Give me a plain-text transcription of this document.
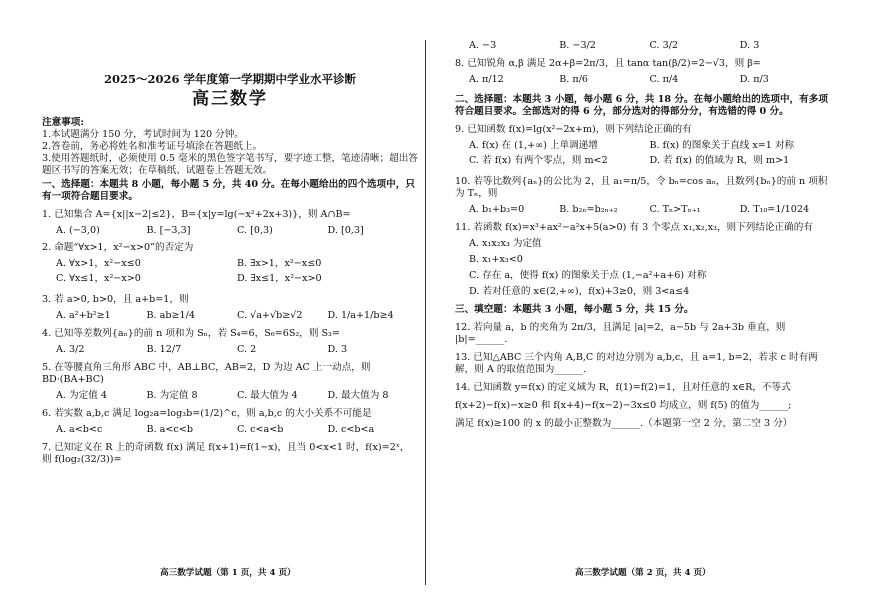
2025～2026 学年度第一学期期中学业水平诊断
高三数学
注意事项:
1.本试题满分 150 分，考试时间为 120 分钟。
2.答卷前，务必将姓名和准考证号填涂在答题纸上。
3.使用答题纸时，必须使用 0.5 毫米的黑色签字笔书写，要字迹工整，笔迹清晰；超出答题区书写的答案无效；在草稿纸、试题卷上答题无效。
一、选择题：本题共 8 小题，每小题 5 分，共 40 分。在每小题给出的四个选项中，只有一项符合题目要求。
1. 已知集合 A={x||x−2|≤2}，B={x|y=lg(−x²+2x+3)}，则 A∩B=
A. (−3,0)	B. [−3,3]	C. [0,3)	D. [0,3]
2. 命题“∀x>1，x²−x>0”的否定为
A. ∀x>1，x²−x≤0	B. ∃x>1，x²−x≤0
C. ∀x≤1，x²−x>0	D. ∃x≤1，x²−x>0
3. 若 a>0, b>0，且 a+b=1，则
A. a²+b²≥1	B. ab≥1/4	C. √a+√b≥√2	D. 1/a+1/b≥4
4. 已知等差数列{aₙ}的前 n 项和为 Sₙ，若 S₄=6，S₆=6S₂，则 S₃=
A. 3/2	B. 12/7	C. 2	D. 3
5. 在等腰直角三角形 ABC 中，AB⊥BC，AB=2，D 为边 AC 上一动点，则 BD·(BA+BC)
A. 为定值 4	B. 为定值 8	C. 最大值为 4	D. 最大值为 8
6. 若实数 a,b,c 满足 log₂a=log₃b=(1/2)^c，则 a,b,c 的大小关系不可能是
A. a<b<c	B. a<c<b	C. c<a<b	D. c<b<a
7. 已知定义在 R 上的奇函数 f(x) 满足 f(x+1)=f(1−x)，且当 0<x<1 时，f(x)=2ˣ，则 f(log₂(32/3))=
A. −3	B. −3/2	C. 3/2	D. 3
8. 已知锐角 α,β 满足 2α+β=2π/3，且 tanα tan(β/2)=2−√3，则 β=
A. π/12	B. π/6	C. π/4	D. π/3
二、选择题：本题共 3 小题，每小题 6 分，共 18 分。在每小题给出的选项中，有多项符合题目要求。全部选对的得 6 分，部分选对的得部分分，有选错的得 0 分。
9. 已知函数 f(x)=lg(x²−2x+m)，则下列结论正确的有
A. f(x) 在 (1,+∞) 上单调递增	B. f(x) 的图象关于直线 x=1 对称
C. 若 f(x) 有两个零点，则 m<2	D. 若 f(x) 的值域为 R，则 m>1
10. 若等比数列{aₙ}的公比为 2，且 a₁=π/5，令 bₙ=cos aₙ，且数列{bₙ}的前 n 项积为 Tₙ，则
A. b₁+b₃=0	B. b₂ₙ=b₂ₙ₊₂	C. Tₙ>Tₙ₊₁	D. T₁₀=1/1024
11. 若函数 f(x)=x³+ax²−a²x+5(a>0) 有 3 个零点 x₁,x₂,x₃，则下列结论正确的有
A. x₁x₂x₃ 为定值
B. x₁+x₃<0
C. 存在 a，使得 f(x) 的图象关于点 (1,−a²+a+6) 对称
D. 若对任意的 x∈(2,+∞)，f(x)+3≥0，则 3<a≤4
三、填空题：本题共 3 小题，每小题 5 分，共 15 分。
12. 若向量 a，b 的夹角为 2π/3，且满足 |a|=2，a−5b 与 2a+3b 垂直，则 |b|=______.
13. 已知△ABC 三个内角 A,B,C 的对边分别为 a,b,c，且 a=1, b=2，若求 c 时有两解，则 A 的取值范围为______.
14. 已知函数 y=f(x) 的定义域为 R，f(1)=f(2)=1，且对任意的 x∈R，不等式
f(x+2)−f(x)−x≥0 和 f(x+4)−f(x−2)−3x≤0 均成立，则 f(5) 的值为______;
满足 f(x)≥100 的 x 的最小正整数为______.（本题第一空 2 分，第二空 3 分）
高三数学试题（第 1 页，共 4 页）	高三数学试题（第 2 页，共 4 页）
